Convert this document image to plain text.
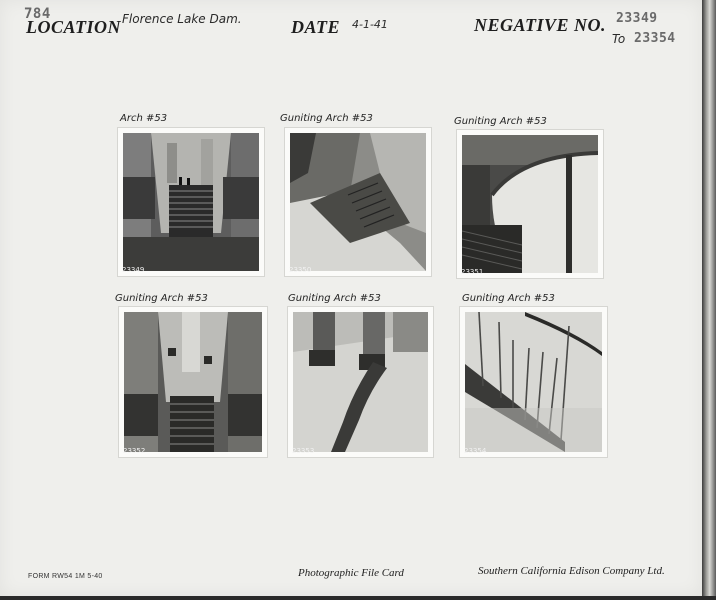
784
LOCATION Florence Lake Dam.	DATE 4-1-41	NEGATIVE NO. 23349
To 23354
Arch #53
23349
Guniting Arch #53
23350
Guniting Arch #53
23351
Guniting Arch #53
23352
Guniting Arch #53
23353
Guniting Arch #53
23354
FORM RW54 1M 5-40	Photographic File Card	Southern California Edison Company Ltd.
